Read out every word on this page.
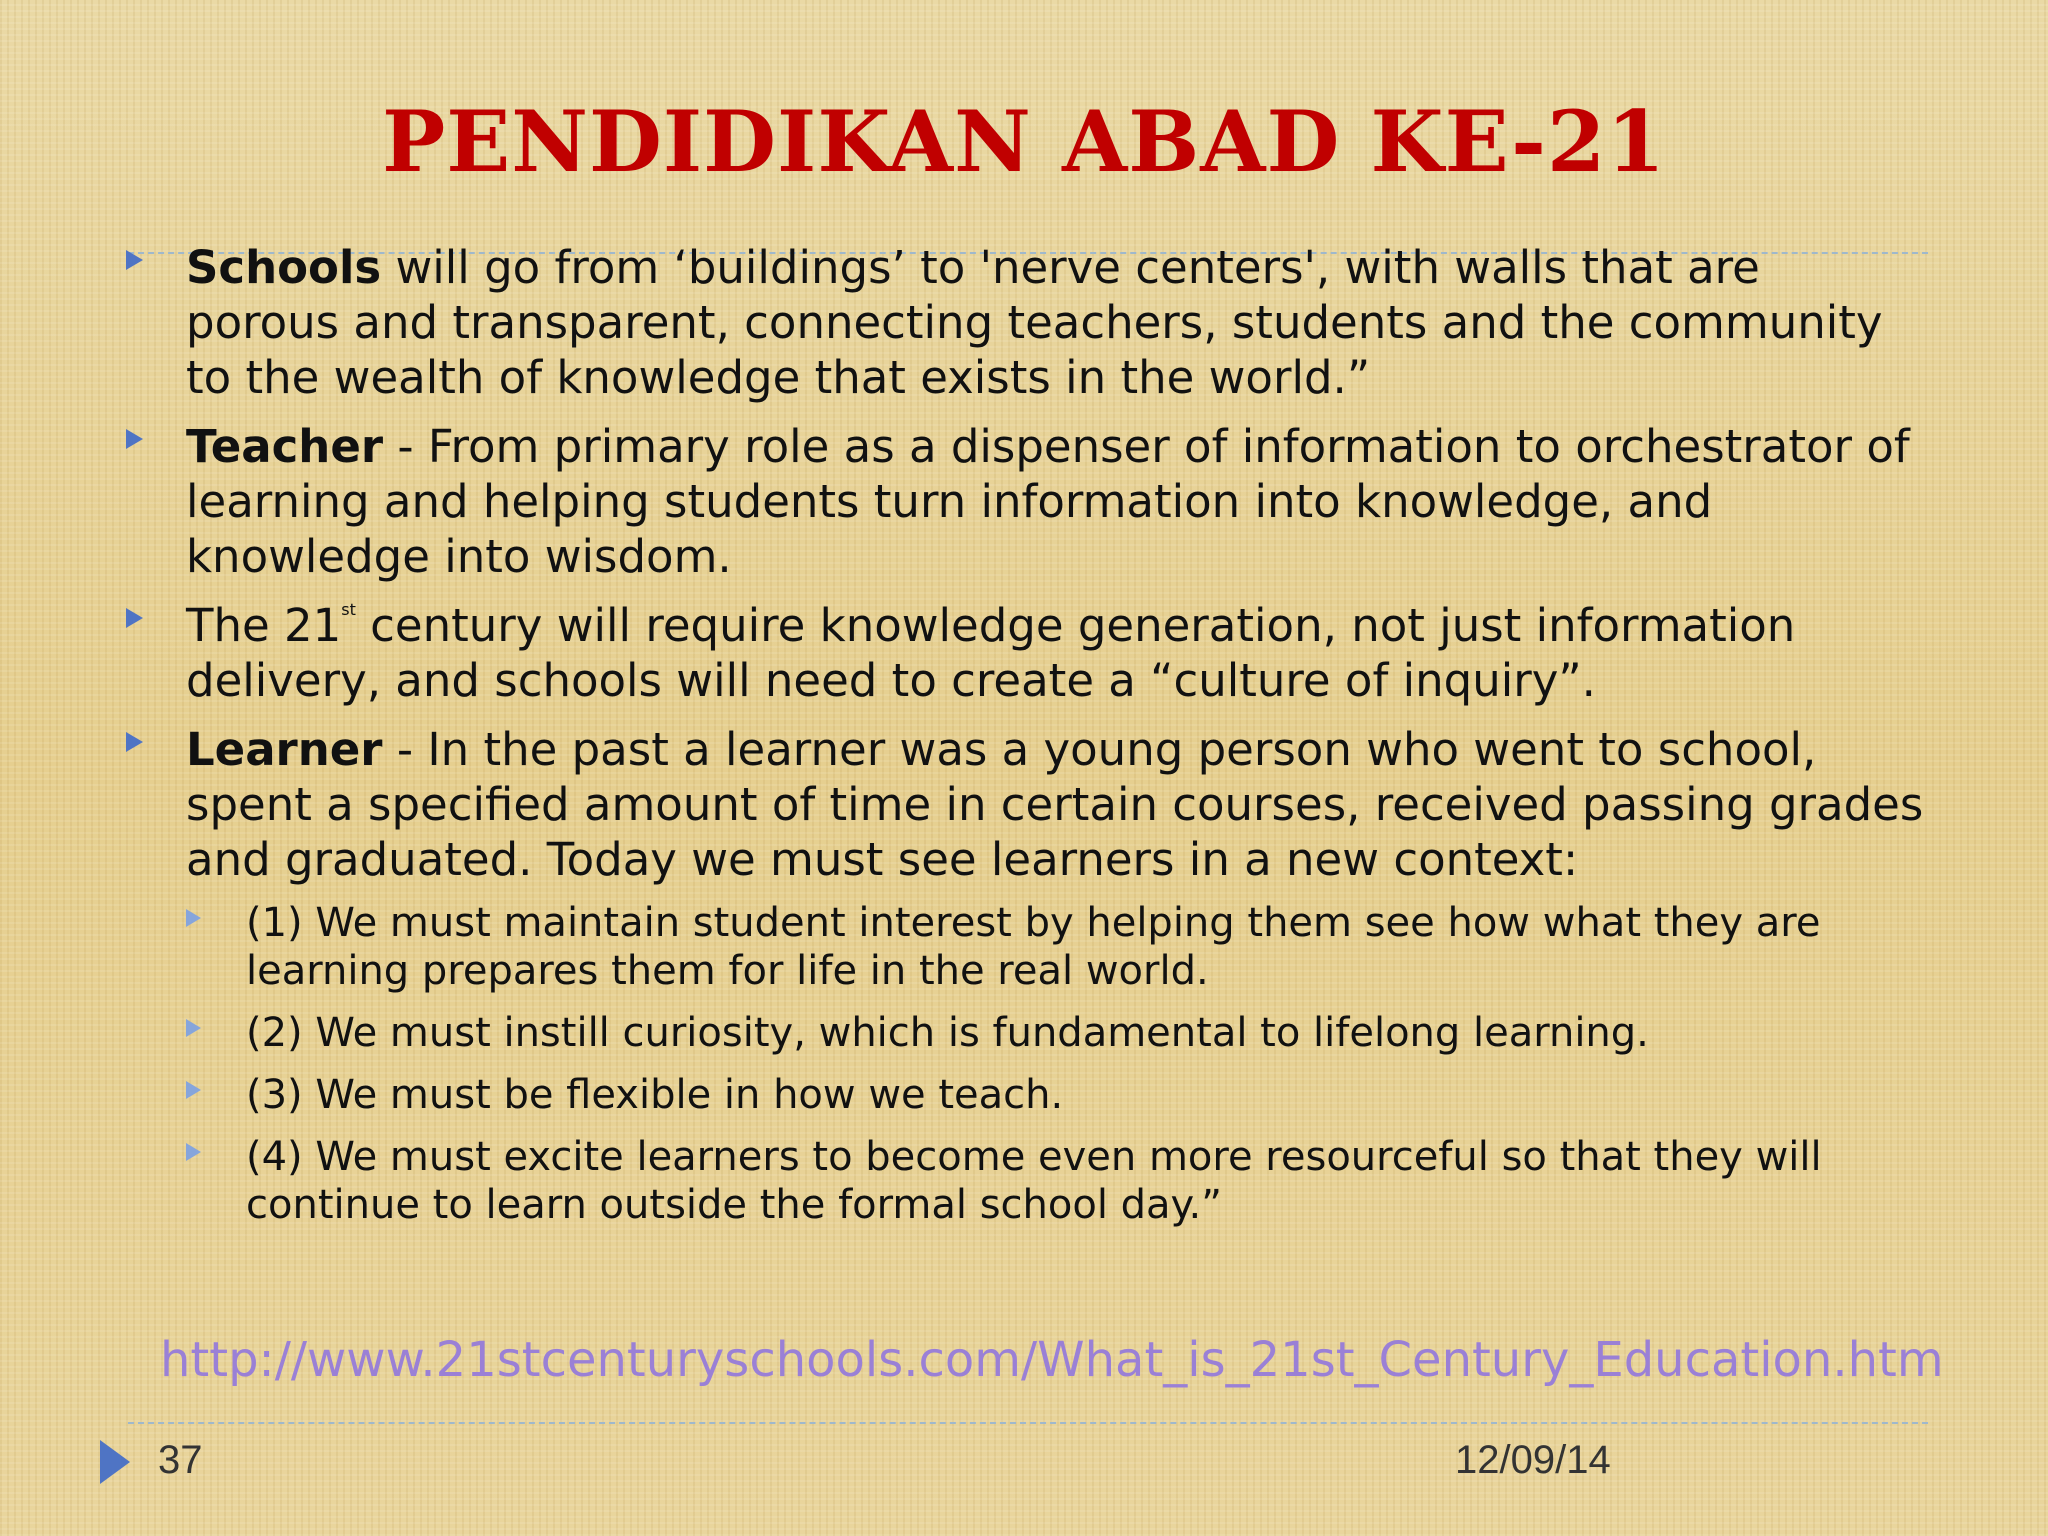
PENDIDIKAN ABAD KE-21
Schools will go from ‘buildings’ to 'nerve centers', with walls that are porous and transparent, connecting teachers, students and the community to the wealth of knowledge that exists in the world.”
Teacher - From primary role as a dispenser of information to orchestrator of learning and helping students turn information into knowledge, and knowledge into wisdom.
The 21st century will require knowledge generation, not just information delivery, and schools will need to create a “culture of inquiry”.
Learner - In the past a learner was a young person who went to school, spent a specified amount of time in certain courses, received passing grades and graduated. Today we must see learners in a new context:
(1) We must maintain student interest by helping them see how what they are learning prepares them for life in the real world.
(2) We must instill curiosity, which is fundamental to lifelong learning.
(3) We must be flexible in how we teach.
(4) We must excite learners to become even more resourceful so that they will continue to learn outside the formal school day.”
http://www.21stcenturyschools.com/What_is_21st_Century_Education.htm
37	12/09/14
